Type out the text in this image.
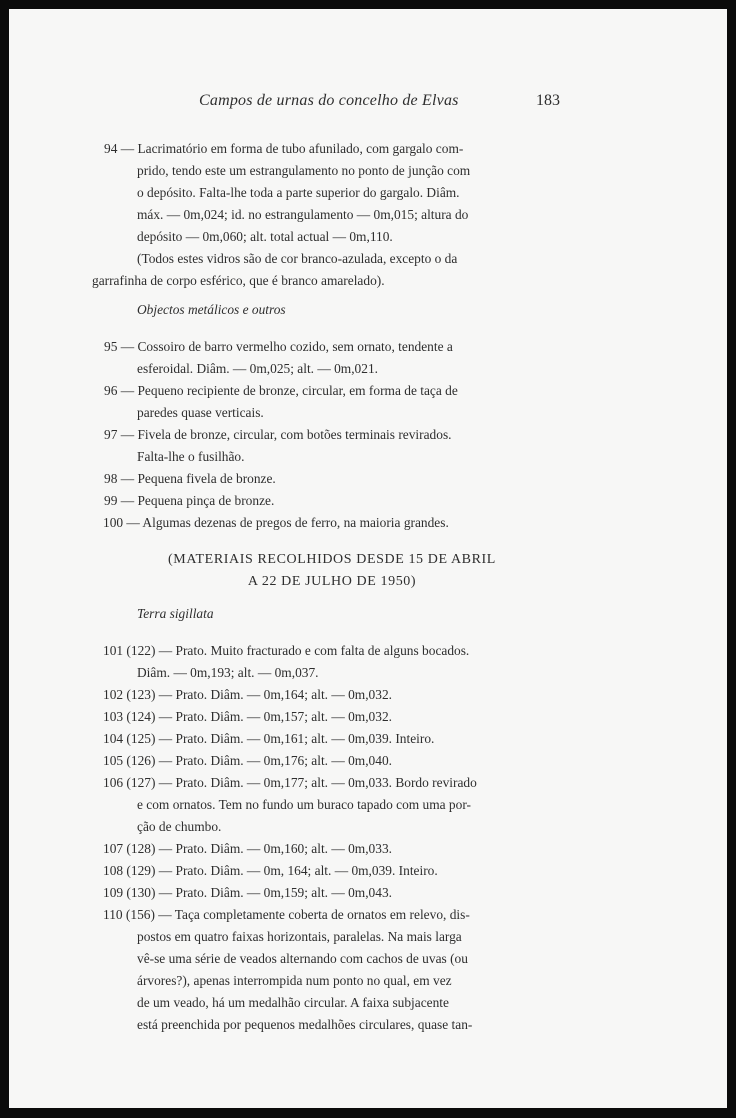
Campos de urnas do concelho de Elvas	183
94 — Lacrimatório em forma de tubo afunilado, com gargalo com-
prido, tendo este um estrangulamento no ponto de junção com
o depósito. Falta-lhe toda a parte superior do gargalo. Diâm.
máx. — 0m,024; id. no estrangulamento — 0m,015; altura do
depósito — 0m,060; alt. total actual — 0m,110.
(Todos estes vidros são de cor branco-azulada, excepto o da
garrafinha de corpo esférico, que é branco amarelado).
Objectos metálicos e outros
95 — Cossoiro de barro vermelho cozido, sem ornato, tendente a
esferoidal. Diâm. — 0m,025; alt. — 0m,021.
96 — Pequeno recipiente de bronze, circular, em forma de taça de
paredes quase verticais.
97 — Fivela de bronze, circular, com botões terminais revirados.
Falta-lhe o fusilhão.
98 — Pequena fivela de bronze.
99 — Pequena pinça de bronze.
100 — Algumas dezenas de pregos de ferro, na maioria grandes.
(MATERIAIS RECOLHIDOS DESDE 15 DE ABRIL
A 22 DE JULHO DE 1950)
Terra sigillata
101 (122) — Prato. Muito fracturado e com falta de alguns bocados.
Diâm. — 0m,193; alt. — 0m,037.
102 (123) — Prato. Diâm. — 0m,164; alt. — 0m,032.
103 (124) — Prato. Diâm. — 0m,157; alt. — 0m,032.
104 (125) — Prato. Diâm. — 0m,161; alt. — 0m,039. Inteiro.
105 (126) — Prato. Diâm. — 0m,176; alt. — 0m,040.
106 (127) — Prato. Diâm. — 0m,177; alt. — 0m,033. Bordo revirado
e com ornatos. Tem no fundo um buraco tapado com uma por-
ção de chumbo.
107 (128) — Prato. Diâm. — 0m,160; alt. — 0m,033.
108 (129) — Prato. Diâm. — 0m, 164; alt. — 0m,039. Inteiro.
109 (130) — Prato. Diâm. — 0m,159; alt. — 0m,043.
110 (156) — Taça completamente coberta de ornatos em relevo, dis-
postos em quatro faixas horizontais, paralelas. Na mais larga
vê-se uma série de veados alternando com cachos de uvas (ou
árvores?), apenas interrompida num ponto no qual, em vez
de um veado, há um medalhão circular. A faixa subjacente
está preenchida por pequenos medalhões circulares, quase tan-
